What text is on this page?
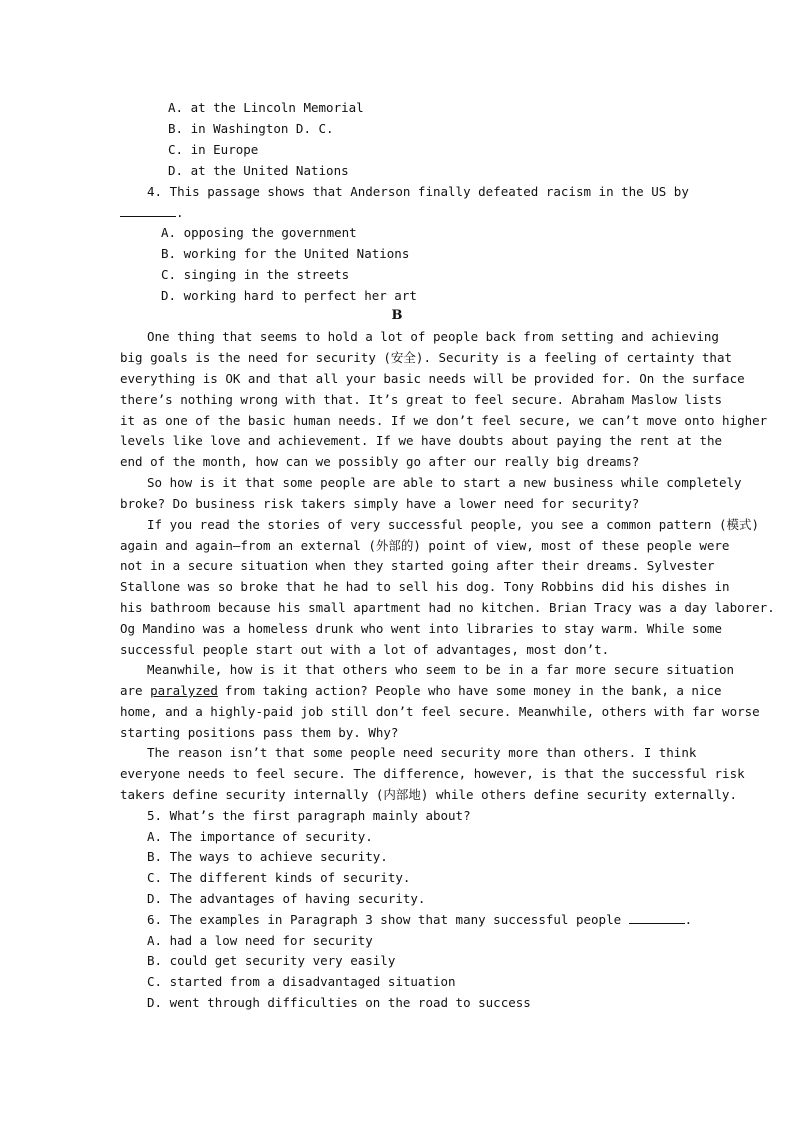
A. at the Lincoln Memorial
B. in Washington D. C.
C. in Europe
D. at the United Nations
4. This passage shows that Anderson finally defeated racism in the US by
.
A. opposing the government
B. working for the United Nations
C. singing in the streets
D. working hard to perfect her art
B
One thing that seems to hold a lot of people back from setting and achieving
big goals is the need for security (安全). Security is a feeling of certainty that
everything is OK and that all your basic needs will be provided for. On the surface
there’s nothing wrong with that. It’s great to feel secure. Abraham Maslow lists
it as one of the basic human needs. If we don’t feel secure, we can’t move onto higher
levels like love and achievement. If we have doubts about paying the rent at the
end of the month, how can we possibly go after our really big dreams?
So how is it that some people are able to start a new business while completely
broke? Do business risk takers simply have a lower need for security?
If you read the stories of very successful people, you see a common pattern (模式)
again and again—from an external (外部的) point of view, most of these people were
not in a secure situation when they started going after their dreams. Sylvester
Stallone was so broke that he had to sell his dog. Tony Robbins did his dishes in
his bathroom because his small apartment had no kitchen. Brian Tracy was a day laborer.
Og Mandino was a homeless drunk who went into libraries to stay warm. While some
successful people start out with a lot of advantages, most don’t.
Meanwhile, how is it that others who seem to be in a far more secure situation
are paralyzed from taking action? People who have some money in the bank, a nice
home, and a highly-paid job still don’t feel secure. Meanwhile, others with far worse
starting positions pass them by. Why?
The reason isn’t that some people need security more than others. I think
everyone needs to feel secure. The difference, however, is that the successful risk
takers define security internally (内部地) while others define security externally.
5. What’s the first paragraph mainly about?
A. The importance of security.
B. The ways to achieve security.
C. The different kinds of security.
D. The advantages of having security.
6. The examples in Paragraph 3 show that many successful people	.
A. had a low need for security
B. could get security very easily
C. started from a disadvantaged situation
D. went through difficulties on the road to success
